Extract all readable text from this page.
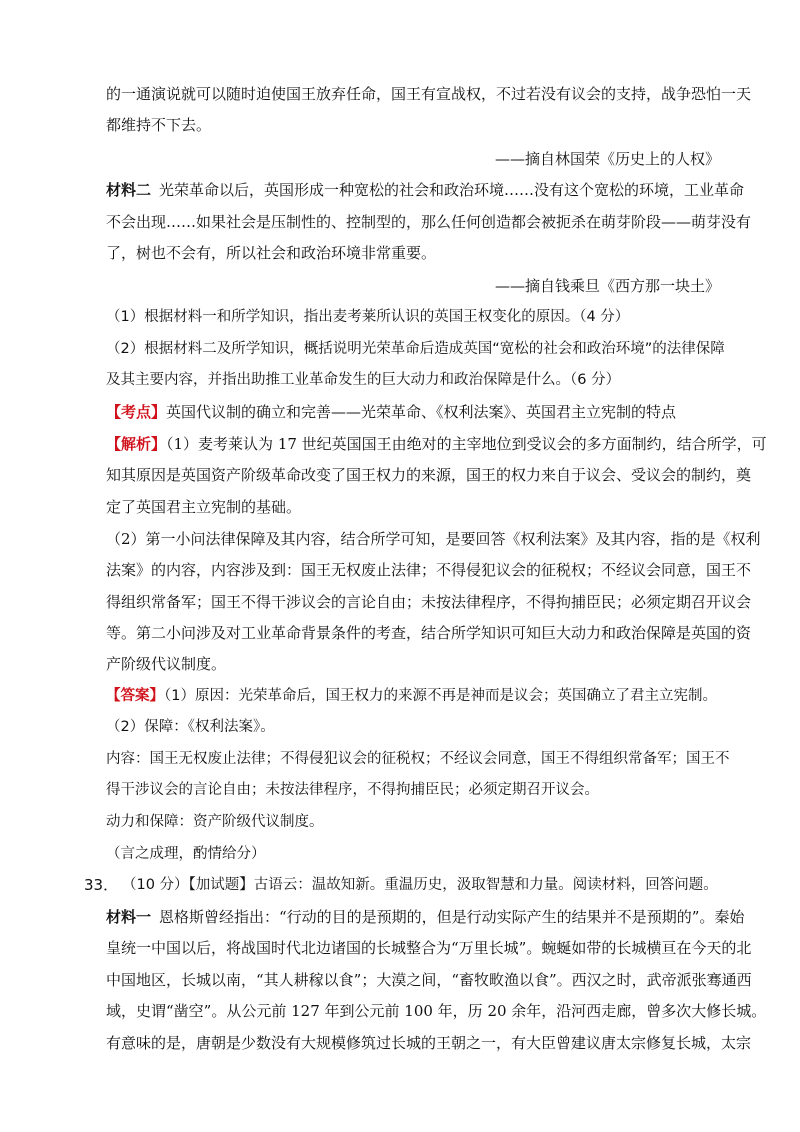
的一通演说就可以随时迫使国王放弃任命，国王有宣战权，不过若没有议会的支持，战争恐怕一天
都维持不下去。
——摘自林国荣《历史上的人权》
材料二 光荣革命以后，英国形成一种宽松的社会和政治环境……没有这个宽松的环境，工业革命
不会出现……如果社会是压制性的、控制型的，那么任何创造都会被扼杀在萌芽阶段——萌芽没有
了，树也不会有，所以社会和政治环境非常重要。
——摘自钱乘旦《西方那一块土》
（1）根据材料一和所学知识，指出麦考莱所认识的英国王权变化的原因。（4 分）
（2）根据材料二及所学知识，概括说明光荣革命后造成英国“宽松的社会和政治环境”的法律保障
及其主要内容，并指出助推工业革命发生的巨大动力和政治保障是什么。（6 分）
【考点】英国代议制的确立和完善——光荣革命、《权利法案》、英国君主立宪制的特点
【解析】（1）麦考莱认为 17 世纪英国国王由绝对的主宰地位到受议会的多方面制约，结合所学，可
知其原因是英国资产阶级革命改变了国王权力的来源，国王的权力来自于议会、受议会的制约，奠
定了英国君主立宪制的基础。
（2）第一小问法律保障及其内容，结合所学可知，是要回答《权利法案》及其内容，指的是《权利
法案》的内容，内容涉及到：国王无权废止法律；不得侵犯议会的征税权；不经议会同意，国王不
得组织常备军；国王不得干涉议会的言论自由；未按法律程序，不得拘捕臣民；必须定期召开议会
等。第二小问涉及对工业革命背景条件的考查，结合所学知识可知巨大动力和政治保障是英国的资
产阶级代议制度。
【答案】（1）原因：光荣革命后，国王权力的来源不再是神而是议会；英国确立了君主立宪制。
（2）保障：《权利法案》。
内容：国王无权废止法律；不得侵犯议会的征税权；不经议会同意，国王不得组织常备军；国王不
得干涉议会的言论自由；未按法律程序，不得拘捕臣民；必须定期召开议会。
动力和保障：资产阶级代议制度。
（言之成理，酌情给分）
33． （10 分）【加试题】古语云：温故知新。重温历史，汲取智慧和力量。阅读材料，回答问题。
材料一 恩格斯曾经指出：“行动的目的是预期的，但是行动实际产生的结果并不是预期的”。秦始
皇统一中国以后，将战国时代北边诸国的长城整合为“万里长城”。蜿蜒如带的长城横亘在今天的北
中国地区，长城以南，“其人耕稼以食”；大漠之间，“畜牧畋渔以食”。西汉之时，武帝派张骞通西
域，史谓“凿空”。从公元前 127 年到公元前 100 年，历 20 余年，沿河西走廊，曾多次大修长城。
有意味的是，唐朝是少数没有大规模修筑过长城的王朝之一，有大臣曾建议唐太宗修复长城，太宗
